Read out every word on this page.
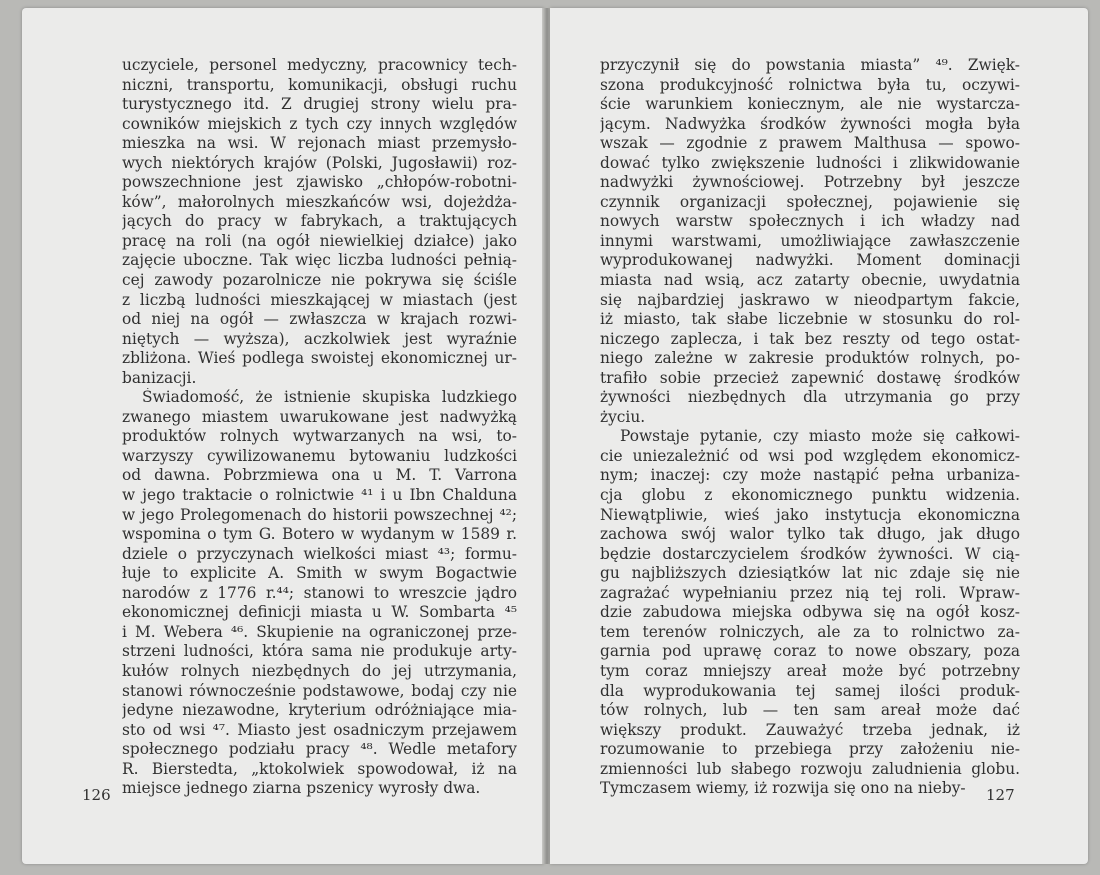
uczyciele, personel medyczny, pracownicy tech-
niczni, transportu, komunikacji, obsługi ruchu
turystycznego itd. Z drugiej strony wielu pra-
cowników miejskich z tych czy innych względów
mieszka na wsi. W rejonach miast przemysło-
wych niektórych krajów (Polski, Jugosławii) roz-
powszechnione jest zjawisko „chłopów-robotni-
ków”, małorolnych mieszkańców wsi, dojeżdża-
jących do pracy w fabrykach, a traktujących
pracę na roli (na ogół niewielkiej działce) jako
zajęcie uboczne. Tak więc liczba ludności pełnią-
cej zawody pozarolnicze nie pokrywa się ściśle
z liczbą ludności mieszkającej w miastach (jest
od niej na ogół — zwłaszcza w krajach rozwi-
niętych — wyższa), aczkolwiek jest wyraźnie
zbliżona. Wieś podlega swoistej ekonomicznej ur-
banizacji.
Świadomość, że istnienie skupiska ludzkiego
zwanego miastem uwarukowane jest nadwyżką
produktów rolnych wytwarzanych na wsi, to-
warzyszy cywilizowanemu bytowaniu ludzkości
od dawna. Pobrzmiewa ona u M. T. Varrona
w jego traktacie o rolnictwie ⁴¹ i u Ibn Chalduna
w jego Prolegomenach do historii powszechnej ⁴²;
wspomina o tym G. Botero w wydanym w 1589 r.
dziele o przyczynach wielkości miast ⁴³; formu-
łuje to explicite A. Smith w swym Bogactwie
narodów z 1776 r.⁴⁴; stanowi to wreszcie jądro
ekonomicznej definicji miasta u W. Sombarta ⁴⁵
i M. Webera ⁴⁶. Skupienie na ograniczonej prze-
strzeni ludności, która sama nie produkuje arty-
kułów rolnych niezbędnych do jej utrzymania,
stanowi równocześnie podstawowe, bodaj czy nie
jedyne niezawodne, kryterium odróżniające mia-
sto od wsi ⁴⁷. Miasto jest osadniczym przejawem
społecznego podziału pracy ⁴⁸. Wedle metafory
R. Bierstedta, „ktokolwiek spowodował, iż na
miejsce jednego ziarna pszenicy wyrosły dwa.
126
przyczynił się do powstania miasta” ⁴⁹. Zwięk-
szona produkcyjność rolnictwa była tu, oczywi-
ście warunkiem koniecznym, ale nie wystarcza-
jącym. Nadwyżka środków żywności mogła była
wszak — zgodnie z prawem Malthusa — spowo-
dować tylko zwiększenie ludności i zlikwidowanie
nadwyżki żywnościowej. Potrzebny był jeszcze
czynnik organizacji społecznej, pojawienie się
nowych warstw społecznych i ich władzy nad
innymi warstwami, umożliwiające zawłaszczenie
wyprodukowanej nadwyżki. Moment dominacji
miasta nad wsią, acz zatarty obecnie, uwydatnia
się najbardziej jaskrawo w nieodpartym fakcie,
iż miasto, tak słabe liczebnie w stosunku do rol-
niczego zaplecza, i tak bez reszty od tego ostat-
niego zależne w zakresie produktów rolnych, po-
trafiło sobie przecież zapewnić dostawę środków
żywności niezbędnych dla utrzymania go przy
życiu.
Powstaje pytanie, czy miasto może się całkowi-
cie uniezależnić od wsi pod względem ekonomicz-
nym; inaczej: czy może nastąpić pełna urbaniza-
cja globu z ekonomicznego punktu widzenia.
Niewątpliwie, wieś jako instytucja ekonomiczna
zachowa swój walor tylko tak długo, jak długo
będzie dostarczycielem środków żywności. W cią-
gu najbliższych dziesiątków lat nic zdaje się nie
zagrażać wypełnianiu przez nią tej roli. Wpraw-
dzie zabudowa miejska odbywa się na ogół kosz-
tem terenów rolniczych, ale za to rolnictwo za-
garnia pod uprawę coraz to nowe obszary, poza
tym coraz mniejszy areał może być potrzebny
dla wyprodukowania tej samej ilości produk-
tów rolnych, lub — ten sam areał może dać
większy produkt. Zauważyć trzeba jednak, iż
rozumowanie to przebiega przy założeniu nie-
zmienności lub słabego rozwoju zaludnienia globu.
Tymczasem wiemy, iż rozwija się ono na nieby-	127
